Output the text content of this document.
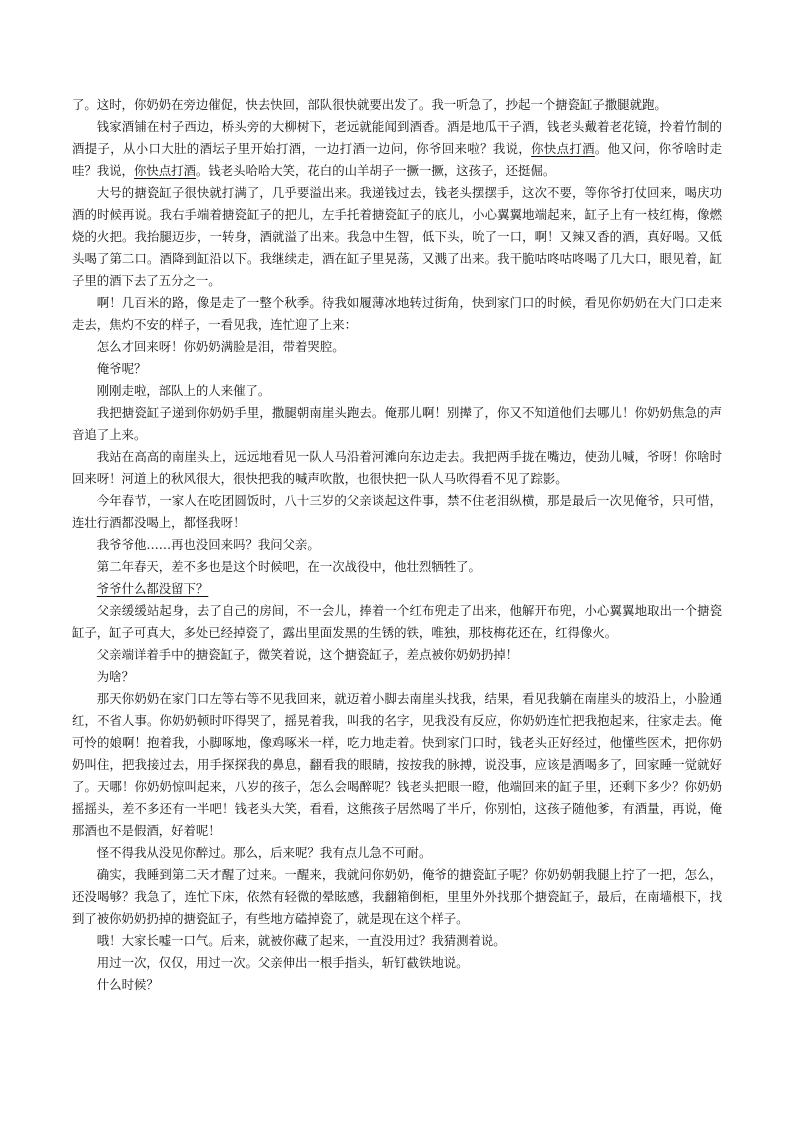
了。这时，你奶奶在旁边催促，快去快回，部队很快就要出发了。我一听急了，抄起一个搪瓷缸子撒腿就跑。

钱家酒铺在村子西边，桥头旁的大柳树下，老远就能闻到酒香。酒是地瓜干子酒，钱老头戴着老花镜，拎着竹制的酒提子，从小口大肚的酒坛子里开始打酒，一边打酒一边问，你爷回来啦？我说，你快点打酒。他又问，你爷啥时走哇？我说，你快点打酒。钱老头哈哈大笑，花白的山羊胡子一撅一撅，这孩子，还挺倔。

大号的搪瓷缸子很快就打满了，几乎要溢出来。我递钱过去，钱老头摆摆手，这次不要，等你爷打仗回来，喝庆功酒的时候再说。我右手端着搪瓷缸子的把儿，左手托着搪瓷缸子的底儿，小心翼翼地端起来，缸子上有一枝红梅，像燃烧的火把。我抬腿迈步，一转身，酒就溢了出来。我急中生智，低下头，吮了一口，啊！又辣又香的酒，真好喝。又低头喝了第二口。酒降到缸沿以下。我继续走，酒在缸子里晃荡，又溅了出来。我干脆咕咚咕咚喝了几大口，眼见着，缸子里的酒下去了五分之一。

啊！几百米的路，像是走了一整个秋季。待我如履薄冰地转过街角，快到家门口的时候，看见你奶奶在大门口走来走去，焦灼不安的样子，一看见我，连忙迎了上来：

怎么才回来呀！你奶奶满脸是泪，带着哭腔。

俺爷呢？

刚刚走啦，部队上的人来催了。

我把搪瓷缸子递到你奶奶手里，撒腿朝南崖头跑去。俺那儿啊！别撵了，你又不知道他们去哪儿！你奶奶焦急的声音追了上来。

我站在高高的南崖头上，远远地看见一队人马沿着河滩向东边走去。我把两手拢在嘴边，使劲儿喊，爷呀！你啥时回来呀！河道上的秋风很大，很快把我的喊声吹散，也很快把一队人马吹得看不见了踪影。

今年春节，一家人在吃团圆饭时，八十三岁的父亲谈起这件事，禁不住老泪纵横，那是最后一次见俺爷，只可惜，连壮行酒都没喝上，都怪我呀！

我爷爷他……再也没回来吗？我问父亲。

第二年春天，差不多也是这个时候吧，在一次战役中，他壮烈牺牲了。

爷爷什么都没留下？

父亲缓缓站起身，去了自己的房间，不一会儿，捧着一个红布兜走了出来，他解开布兜，小心翼翼地取出一个搪瓷缸子，缸子可真大，多处已经掉瓷了，露出里面发黑的生锈的铁，唯独，那枝梅花还在，红得像火。

父亲端详着手中的搪瓷缸子，微笑着说，这个搪瓷缸子，差点被你奶奶扔掉！

为啥？

那天你奶奶在家门口左等右等不见我回来，就迈着小脚去南崖头找我，结果，看见我躺在南崖头的坡沿上，小脸通红，不省人事。你奶奶顿时吓得哭了，摇晃着我，叫我的名字，见我没有反应，你奶奶连忙把我抱起来，往家走去。俺可怜的娘啊！抱着我，小脚啄地，像鸡啄米一样，吃力地走着。快到家门口时，钱老头正好经过，他懂些医术，把你奶奶叫住，把我接过去，用手探探我的鼻息，翻看我的眼睛，按按我的脉搏，说没事，应该是酒喝多了，回家睡一觉就好了。天哪！你奶奶惊叫起来，八岁的孩子，怎么会喝醉呢？钱老头把眼一瞪，他端回来的缸子里，还剩下多少？你奶奶摇摇头，差不多还有一半吧！钱老头大笑，看看，这熊孩子居然喝了半斤，你别怕，这孩子随他爹，有酒量，再说，俺那酒也不是假酒，好着呢！

怪不得我从没见你醉过。那么，后来呢？我有点儿急不可耐。

确实，我睡到第二天才醒了过来。一醒来，我就问你奶奶，俺爷的搪瓷缸子呢？你奶奶朝我腿上拧了一把，怎么，还没喝够？我急了，连忙下床，依然有轻微的晕眩感，我翻箱倒柜，里里外外找那个搪瓷缸子，最后，在南墙根下，找到了被你奶奶扔掉的搪瓷缸子，有些地方磕掉瓷了，就是现在这个样子。

哦！大家长嘘一口气。后来，就被你藏了起来，一直没用过？我猜测着说。

用过一次，仅仅，用过一次。父亲伸出一根手指头，斩钉截铁地说。

什么时候？
